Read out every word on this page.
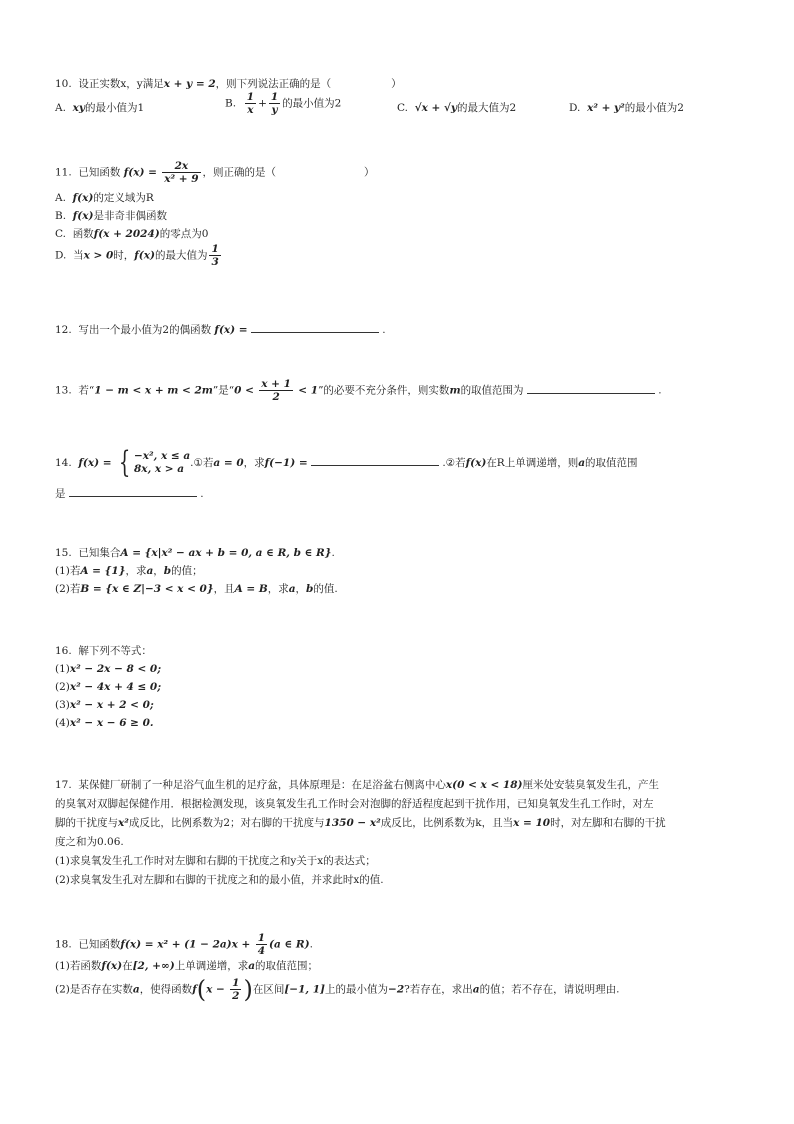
10. 设正实数x，y满足x + y = 2，则下列说法正确的是（	）
A. xy的最小值为1	B. $\frac{1}{x} + \frac{1}{y}$ 的最小值为2	C. √x + √y的最大值为2	D. x² + y²的最小值为2
11. 已知函数 $f(x) = \frac{2x}{\text{x² + 9}}$ ，则正确的是（	）
A. f(x)的定义域为R
B. f(x)是非奇非偶函数
C. 函数f(x + 2024)的零点为0
D. 当x > 0时，f(x)的最大值为 $\frac{1}{3}$
12. 写出一个最小值为2的偶函数 f(x) =	.
13. 若“1 − m < x + m < 2m”是“$0 < \frac{x + 1}{2} < 1$”的必要不充分条件，则实数m的取值范围为	.
14. f(x) = { −x², x ≤ a
8x, x > a .①若a = 0，求f(−1) =	.②若f(x)在R上单调递增，则a的取值范围
是	.
15. 已知集合A = {x|x² − ax + b = 0, a ∈ R, b ∈ R}.
(1)若A = {1}，求a，b的值；
(2)若B = {x ∈ Z|−3 < x < 0}，且A = B，求a，b的值.
16. 解下列不等式：
(1)x² − 2x − 8 < 0;
(2)x² − 4x + 4 ≤ 0;
(3)x² − x + 2 < 0;
(4)x² − x − 6 ≥ 0.
17. 某保健厂研制了一种足浴气血生机的足疗盆，具体原理是：在足浴盆右侧离中心x(0 < x < 18)厘米处安装臭氧发生孔，产生
的臭氧对双脚起保健作用．根据检测发现，该臭氧发生孔工作时会对泡脚的舒适程度起到干扰作用，已知臭氧发生孔工作时，对左
脚的干扰度与x²成反比，比例系数为2；对右脚的干扰度与1350 − x²成反比，比例系数为k，且当x = 10时，对左脚和右脚的干扰
度之和为0.06.
(1)求臭氧发生孔工作时对左脚和右脚的干扰度之和y关于x的表达式；
(2)求臭氧发生孔对左脚和右脚的干扰度之和的最小值，并求此时x的值.
18. 已知函数$f(x) = x^2 + (1 - 2a)x + \frac{1}{4} (a$ ∈ R).
(1)若函数f(x)在[2, +∞)上单调递增，求a的取值范围；
(2)是否存在实数a，使得函数$f(x - \frac{1}{2}$ )在区间[−1, 1]上的最小值为−2?若存在，求出a的值；若不存在，请说明理由.
